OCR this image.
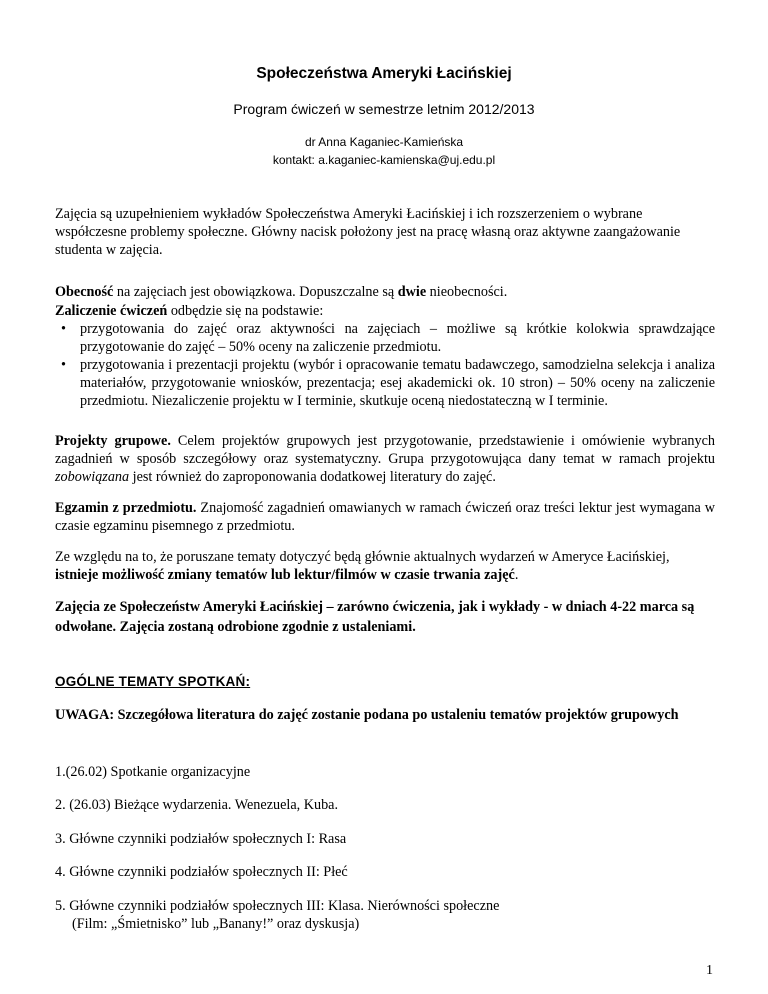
Społeczeństwa Ameryki Łacińskiej
Program ćwiczeń w semestrze letnim 2012/2013
dr Anna Kaganiec-Kamieńska
kontakt: a.kaganiec-kamienska@uj.edu.pl
Zajęcia są uzupełnieniem wykładów Społeczeństwa Ameryki Łacińskiej i ich rozszerzeniem o wybrane współczesne problemy społeczne. Główny nacisk położony jest na pracę własną oraz aktywne zaangażowanie studenta w zajęcia.
Obecność na zajęciach jest obowiązkowa. Dopuszczalne są dwie nieobecności.
Zaliczenie ćwiczeń odbędzie się na podstawie:
• przygotowania do zajęć oraz aktywności na zajęciach – możliwe są krótkie kolokwia sprawdzające przygotowanie do zajęć – 50% oceny na zaliczenie przedmiotu.
• przygotowania i prezentacji projektu (wybór i opracowanie tematu badawczego, samodzielna selekcja i analiza materiałów, przygotowanie wniosków, prezentacja; esej akademicki ok. 10 stron) – 50% oceny na zaliczenie przedmiotu. Niezaliczenie projektu w I terminie, skutkuje oceną niedostateczną w I terminie.
Projekty grupowe. Celem projektów grupowych jest przygotowanie, przedstawienie i omówienie wybranych zagadnień w sposób szczegółowy oraz systematyczny. Grupa przygotowująca dany temat w ramach projektu zobowiązana jest również do zaproponowania dodatkowej literatury do zajęć.
Egzamin z przedmiotu. Znajomość zagadnień omawianych w ramach ćwiczeń oraz treści lektur jest wymagana w czasie egzaminu pisemnego z przedmiotu.
Ze względu na to, że poruszane tematy dotyczyć będą głównie aktualnych wydarzeń w Ameryce Łacińskiej, istnieje możliwość zmiany tematów lub lektur/filmów w czasie trwania zajęć.
Zajęcia ze Społeczeństw Ameryki Łacińskiej – zarówno ćwiczenia, jak i wykłady - w dniach 4-22 marca są odwołane. Zajęcia zostaną odrobione zgodnie z ustaleniami.
OGÓLNE TEMATY SPOTKAŃ:
UWAGA: Szczegółowa literatura do zajęć zostanie podana po ustaleniu tematów projektów grupowych
1.(26.02) Spotkanie organizacyjne
2. (26.03) Bieżące wydarzenia. Wenezuela, Kuba.
3. Główne czynniki podziałów społecznych I: Rasa
4. Główne czynniki podziałów społecznych II: Płeć
5. Główne czynniki podziałów społecznych III: Klasa. Nierówności społeczne
(Film: „Śmietnisko” lub „Banany!” oraz dyskusja)
1
